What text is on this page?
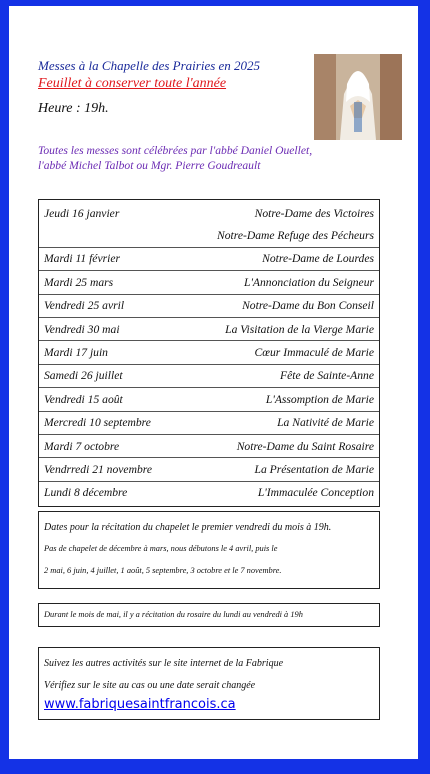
Messes à la Chapelle des Prairies en 2025
Feuillet à conserver toute l'année
Heure : 19h.
Toutes les messes sont célébrées par l'abbé Daniel Ouellet,
l'abbé Michel Talbot ou Mgr. Pierre Goudreault
Jeudi 16 janvier	Notre-Dame des Victoires
Notre-Dame Refuge des Pécheurs
Mardi 11 février	Notre-Dame de Lourdes
Mardi 25 mars	L'Annonciation du Seigneur
Vendredi 25 avril	Notre-Dame du Bon Conseil
Vendredi 30 mai	La Visitation de la Vierge Marie
Mardi 17 juin	Cœur Immaculé de Marie
Samedi 26 juillet	Fête de Sainte-Anne
Vendredi 15 août	L'Assomption de Marie
Mercredi 10 septembre	La Nativité de Marie
Mardi 7 octobre	Notre-Dame du Saint Rosaire
Vendrredi 21 novembre	La Présentation de Marie
Lundi 8 décembre	L'Immaculée Conception
Dates pour la récitation du chapelet le premier vendredi du mois à 19h.
Pas de chapelet de décembre à mars, nous débutons le 4 avril, puis le
2 mai, 6 juin, 4 juillet, 1 août, 5 septembre, 3 octobre et le 7 novembre.
Durant le mois de mai, il y a récitation du rosaire du lundi au vendredi à 19h
Suivez les autres activités sur le site internet de la Fabrique
Vérifiez sur le site au cas ou une date serait changée
www.fabriquesaintfrancois.ca
